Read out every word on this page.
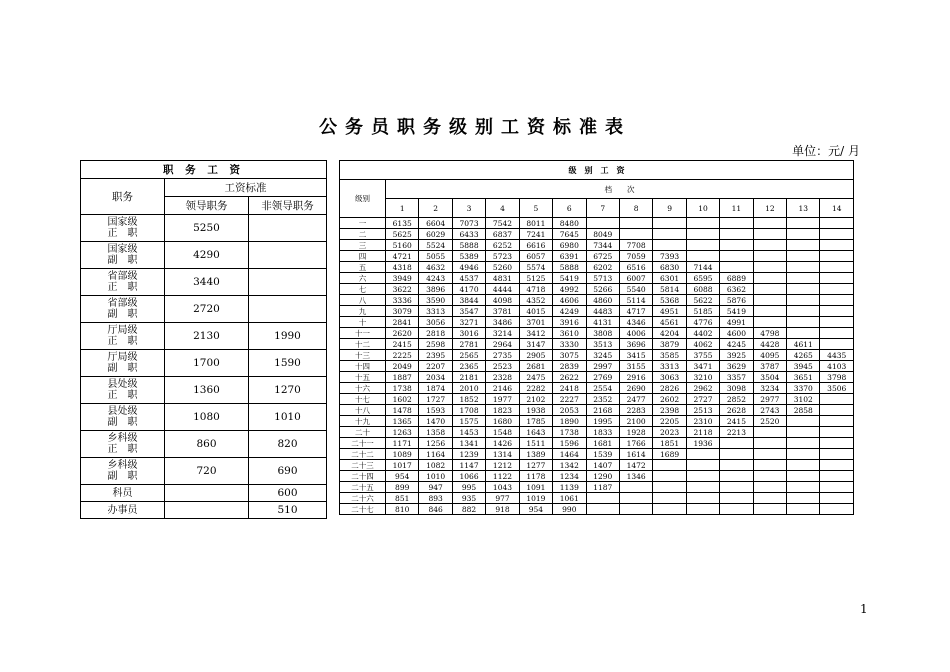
公务员职务级别工资标准表
单位：元/ 月
职 务 工 资		
职务	工资标准	
	领导职务	非领导职务

国家级
正　职	5250	

国家级
副　职	4290	

省部级
正　职	3440	

省部级
副　职	2720	

厅局级
正　职	2130	1990

厅局级
副　职	1700	1590

县处级
正　职	1360	1270

县处级
副　职	1080	1010

乡科级
正　职	860	820

乡科级
副　职	720	690

科员		600

办事员		510
级　别　工　资														
级别	档　　次													
	1	2	3	4	5	6	7	8	9	10	11	12	13	14
一	6135	6604	7073	7542	8011	8480								
二	5625	6029	6433	6837	7241	7645	8049							
三	5160	5524	5888	6252	6616	6980	7344	7708						
四	4721	5055	5389	5723	6057	6391	6725	7059	7393					
五	4318	4632	4946	5260	5574	5888	6202	6516	6830	7144				
六	3949	4243	4537	4831	5125	5419	5713	6007	6301	6595	6889			
七	3622	3896	4170	4444	4718	4992	5266	5540	5814	6088	6362			
八	3336	3590	3844	4098	4352	4606	4860	5114	5368	5622	5876			
九	3079	3313	3547	3781	4015	4249	4483	4717	4951	5185	5419			
十	2841	3056	3271	3486	3701	3916	4131	4346	4561	4776	4991			
十一	2620	2818	3016	3214	3412	3610	3808	4006	4204	4402	4600	4798		
十二	2415	2598	2781	2964	3147	3330	3513	3696	3879	4062	4245	4428	4611	
十三	2225	2395	2565	2735	2905	3075	3245	3415	3585	3755	3925	4095	4265	4435
十四	2049	2207	2365	2523	2681	2839	2997	3155	3313	3471	3629	3787	3945	4103
十五	1887	2034	2181	2328	2475	2622	2769	2916	3063	3210	3357	3504	3651	3798
十六	1738	1874	2010	2146	2282	2418	2554	2690	2826	2962	3098	3234	3370	3506
十七	1602	1727	1852	1977	2102	2227	2352	2477	2602	2727	2852	2977	3102	
十八	1478	1593	1708	1823	1938	2053	2168	2283	2398	2513	2628	2743	2858	
十九	1365	1470	1575	1680	1785	1890	1995	2100	2205	2310	2415	2520		
二十	1263	1358	1453	1548	1643	1738	1833	1928	2023	2118	2213			
二十一	1171	1256	1341	1426	1511	1596	1681	1766	1851	1936				
二十二	1089	1164	1239	1314	1389	1464	1539	1614	1689					
二十三	1017	1082	1147	1212	1277	1342	1407	1472						
二十四	954	1010	1066	1122	1178	1234	1290	1346						
二十五	899	947	995	1043	1091	1139	1187							
二十六	851	893	935	977	1019	1061								
二十七	810	846	882	918	954	990								
1
